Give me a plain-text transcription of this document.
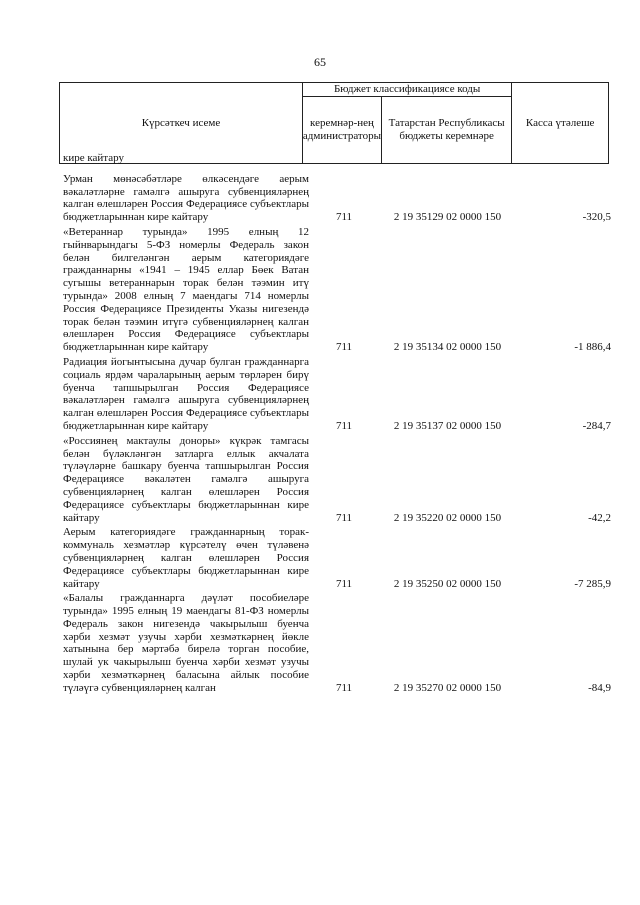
65
Күрсәткеч исеме	Бюджет классификациясе коды		Касса үтәлеше
	керемнәр-нең администраторы	Татарстан Республикасы бюджеты керемнәре	
кире кайтару
Урман мөнәсәбәтләре өлкәсендәге аерым вәкаләтләрне гамәлгә ашыруга субвенцияләрнең калган өлешләрен Россия Федерациясе субъектлары бюджетларыннан кире кайтару	711	2 19 35129 02 0000 150	-320,5
«Ветераннар турында» 1995 елның 12 гыйнварындагы 5-ФЗ номерлы Федераль закон белән билгеләнгән аерым категориядәге гражданнарны «1941 – 1945 еллар Бөек Ватан сугышы ветераннарын торак белән тәэмин итү турында» 2008 елның 7 маендагы 714 номерлы Россия Федерациясе Президенты Указы нигезендә торак белән тәэмин итүгә субвенцияләрнең калган өлешләрен Россия Федерациясе субъектлары бюджетларыннан кире кайтару	711	2 19 35134 02 0000 150	-1 886,4
Радиация йогынтысына дучар булган гражданнарга социаль ярдәм чараларының аерым төрләрен бирү буенча тапшырылган Россия Федерациясе вәкаләтләрен гамәлгә ашыруга субвенцияләрнең калган өлешләрен Россия Федерациясе субъектлары бюджетларыннан кире кайтару	711	2 19 35137 02 0000 150	-284,7
«Россиянең мактаулы доноры» күкрәк тамгасы белән бүләкләнгән затларга еллык акчалата түләүләрне башкару буенча тапшырылган Россия Федерациясе вәкаләтен гамәлгә ашыруга субвенцияләрнең калган өлешләрен Россия Федерациясе субъектлары бюджетларыннан кире кайтару	711	2 19 35220 02 0000 150	-42,2
Аерым категориядәге гражданнарның торак-коммуналь хезмәтләр күрсәтелү өчен түләвенә субвенцияләрнең калган өлешләрен Россия Федерациясе субъектлары бюджетларыннан кире кайтару	711	2 19 35250 02 0000 150	-7 285,9
«Балалы гражданнарга дәүләт пособиеләре турында» 1995 елның 19 маендагы 81-ФЗ номерлы Федераль закон нигезендә чакырылыш буенча хәрби хезмәт узучы хәрби хезмәткәрнең йөкле хатынына бер мәртәбә бирелә торган пособие, шулай ук чакырылыш буенча хәрби хезмәт узучы хәрби хезмәткәрнең баласына айлык пособие түләүгә субвенцияләрнең калган	711	2 19 35270 02 0000 150	-84,9
